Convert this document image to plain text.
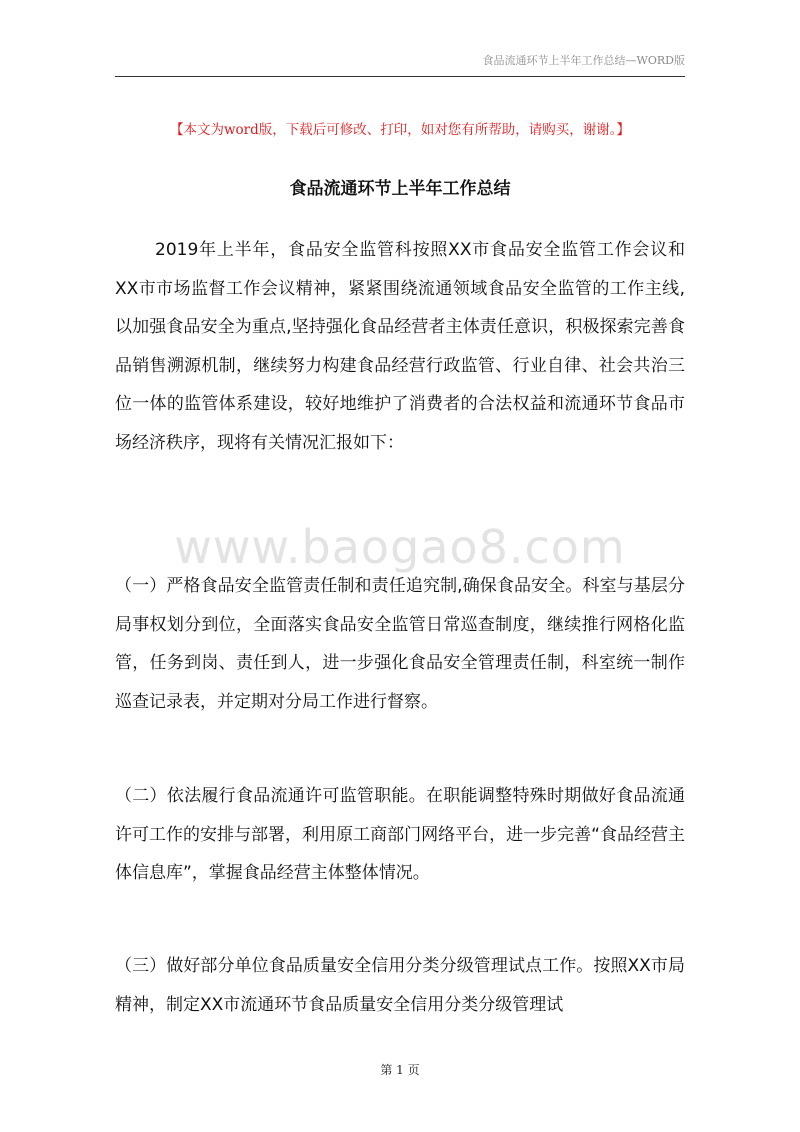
食品流通环节上半年工作总结—WORD版
【本文为word版，下载后可修改、打印，如对您有所帮助，请购买，谢谢。】
食品流通环节上半年工作总结

2019年上半年，食品安全监管科按照XX市食品安全监管工作会议和XX市市场监督工作会议精神，紧紧围绕流通领域食品安全监管的工作主线,以加强食品安全为重点,坚持强化食品经营者主体责任意识，积极探索完善食品销售溯源机制，继续努力构建食品经营行政监管、行业自律、社会共治三位一体的监管体系建设，较好地维护了消费者的合法权益和流通环节食品市场经济秩序，现将有关情况汇报如下：

www.baogao8.com

（一）严格食品安全监管责任制和责任追究制,确保食品安全。科室与基层分局事权划分到位，全面落实食品安全监管日常巡查制度，继续推行网格化监管，任务到岗、责任到人，进一步强化食品安全管理责任制，科室统一制作巡查记录表，并定期对分局工作进行督察。

（二）依法履行食品流通许可监管职能。在职能调整特殊时期做好食品流通许可工作的安排与部署，利用原工商部门网络平台，进一步完善“食品经营主体信息库”，掌握食品经营主体整体情况。

（三）做好部分单位食品质量安全信用分类分级管理试点工作。按照XX市局精神，制定XX市流通环节食品质量安全信用分类分级管理试

第 1 页
